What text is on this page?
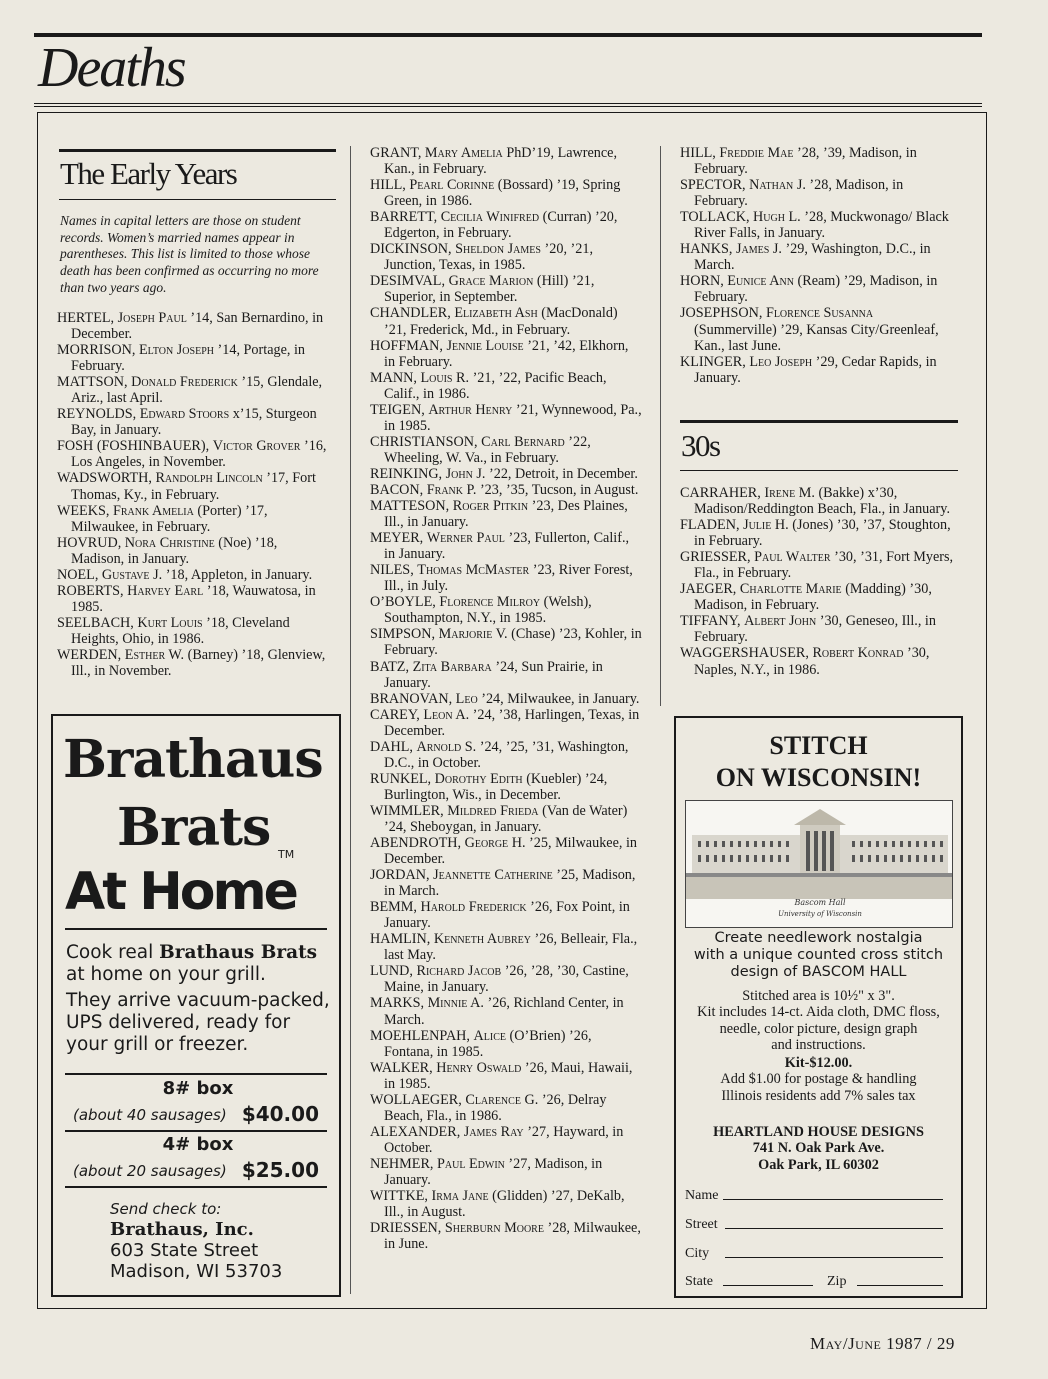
Deaths
The Early Years
Names in capital letters are those on student records. Women’s married names appear in parentheses. This list is limited to those whose death has been confirmed as occurring no more than two years ago.
HERTEL, Joseph Paul ’14, San Bernardino, in December.
MORRISON, Elton Joseph ’14, Portage, in February.
MATTSON, Donald Frederick ’15, Glendale, Ariz., last April.
REYNOLDS, Edward Stoors x’15, Sturgeon Bay, in January.
FOSH (FOSHINBAUER), Victor Grover ’16, Los Angeles, in November.
WADSWORTH, Randolph Lincoln ’17, Fort Thomas, Ky., in February.
WEEKS, Frank Amelia (Porter) ’17, Milwaukee, in February.
HOVRUD, Nora Christine (Noe) ’18, Madison, in January.
NOEL, Gustave J. ’18, Appleton, in January.
ROBERTS, Harvey Earl ’18, Wauwatosa, in 1985.
SEELBACH, Kurt Louis ’18, Cleveland Heights, Ohio, in 1986.
WERDEN, Esther W. (Barney) ’18, Glenview, Ill., in November.
GRANT, Mary Amelia PhD’19, Lawrence, Kan., in February.
HILL, Pearl Corinne (Bossard) ’19, Spring Green, in 1986.
BARRETT, Cecilia Winifred (Curran) ’20, Edgerton, in February.
DICKINSON, Sheldon James ’20, ’21, Junction, Texas, in 1985.
DESIMVAL, Grace Marion (Hill) ’21, Superior, in September.
CHANDLER, Elizabeth Ash (MacDonald) ’21, Frederick, Md., in February.
HOFFMAN, Jennie Louise ’21, ’42, Elkhorn, in February.
MANN, Louis R. ’21, ’22, Pacific Beach, Calif., in 1986.
TEIGEN, Arthur Henry ’21, Wynnewood, Pa., in 1985.
CHRISTIANSON, Carl Bernard ’22, Wheeling, W. Va., in February.
REINKING, John J. ’22, Detroit, in December.
BACON, Frank P. ’23, ’35, Tucson, in August.
MATTESON, Roger Pitkin ’23, Des Plaines, Ill., in January.
MEYER, Werner Paul ’23, Fullerton, Calif., in January.
NILES, Thomas McMaster ’23, River Forest, Ill., in July.
O’BOYLE, Florence Milroy (Welsh), Southampton, N.Y., in 1985.
SIMPSON, Marjorie V. (Chase) ’23, Kohler, in February.
BATZ, Zita Barbara ’24, Sun Prairie, in January.
BRANOVAN, Leo ’24, Milwaukee, in January.
CAREY, Leon A. ’24, ’38, Harlingen, Texas, in December.
DAHL, Arnold S. ’24, ’25, ’31, Washington, D.C., in October.
RUNKEL, Dorothy Edith (Kuebler) ’24, Burlington, Wis., in December.
WIMMLER, Mildred Frieda (Van de Water) ’24, Sheboygan, in January.
ABENDROTH, George H. ’25, Milwaukee, in December.
JORDAN, Jeannette Catherine ’25, Madison, in March.
BEMM, Harold Frederick ’26, Fox Point, in January.
HAMLIN, Kenneth Aubrey ’26, Belleair, Fla., last May.
LUND, Richard Jacob ’26, ’28, ’30, Castine, Maine, in January.
MARKS, Minnie A. ’26, Richland Center, in March.
MOEHLENPAH, Alice (O’Brien) ’26, Fontana, in 1985.
WALKER, Henry Oswald ’26, Maui, Hawaii, in 1985.
WOLLAEGER, Clarence G. ’26, Delray Beach, Fla., in 1986.
ALEXANDER, James Ray ’27, Hayward, in October.
NEHMER, Paul Edwin ’27, Madison, in January.
WITTKE, Irma Jane (Glidden) ’27, DeKalb, Ill., in August.
DRIESSEN, Sherburn Moore ’28, Milwaukee, in June.
HILL, Freddie Mae ’28, ’39, Madison, in February.
SPECTOR, Nathan J. ’28, Madison, in February.
TOLLACK, Hugh L. ’28, Muckwonago/ Black River Falls, in January.
HANKS, James J. ’29, Washington, D.C., in March.
HORN, Eunice Ann (Ream) ’29, Madison, in February.
JOSEPHSON, Florence Susanna (Summerville) ’29, Kansas City/Greenleaf, Kan., last June.
KLINGER, Leo Joseph ’29, Cedar Rapids, in January.
30s
CARRAHER, Irene M. (Bakke) x’30, Madison/Reddington Beach, Fla., in January.
FLADEN, Julie H. (Jones) ’30, ’37, Stoughton, in February.
GRIESSER, Paul Walter ’30, ’31, Fort Myers, Fla., in February.
JAEGER, Charlotte Marie (Madding) ’30, Madison, in February.
TIFFANY, Albert John ’30, Geneseo, Ill., in February.
WAGGERSHAUSER, Robert Konrad ’30, Naples, N.Y., in 1986.
Brathaus
Brats TM
At Home
Cook real Brathaus Brats
at home on your grill.
They arrive vacuum-packed, UPS delivered, ready for your grill or freezer.
8# box
(about 40 sausages) $40.00
4# box
(about 20 sausages) $25.00
Send check to:
Brathaus, Inc.
603 State Street
Madison, WI 53703
STITCH
ON WISCONSIN!
Bascom Hall
University of Wisconsin
Create needlework nostalgia
with a unique counted cross stitch
design of BASCOM HALL
Stitched area is 10½" x 3".
Kit includes 14-ct. Aida cloth, DMC floss,
needle, color picture, design graph
and instructions.
Kit-$12.00.
Add $1.00 for postage & handling
Illinois residents add 7% sales tax
HEARTLAND HOUSE DESIGNS
741 N. Oak Park Ave.
Oak Park, IL 60302
Name
Street
City
State	Zip
May/June 1987 / 29
